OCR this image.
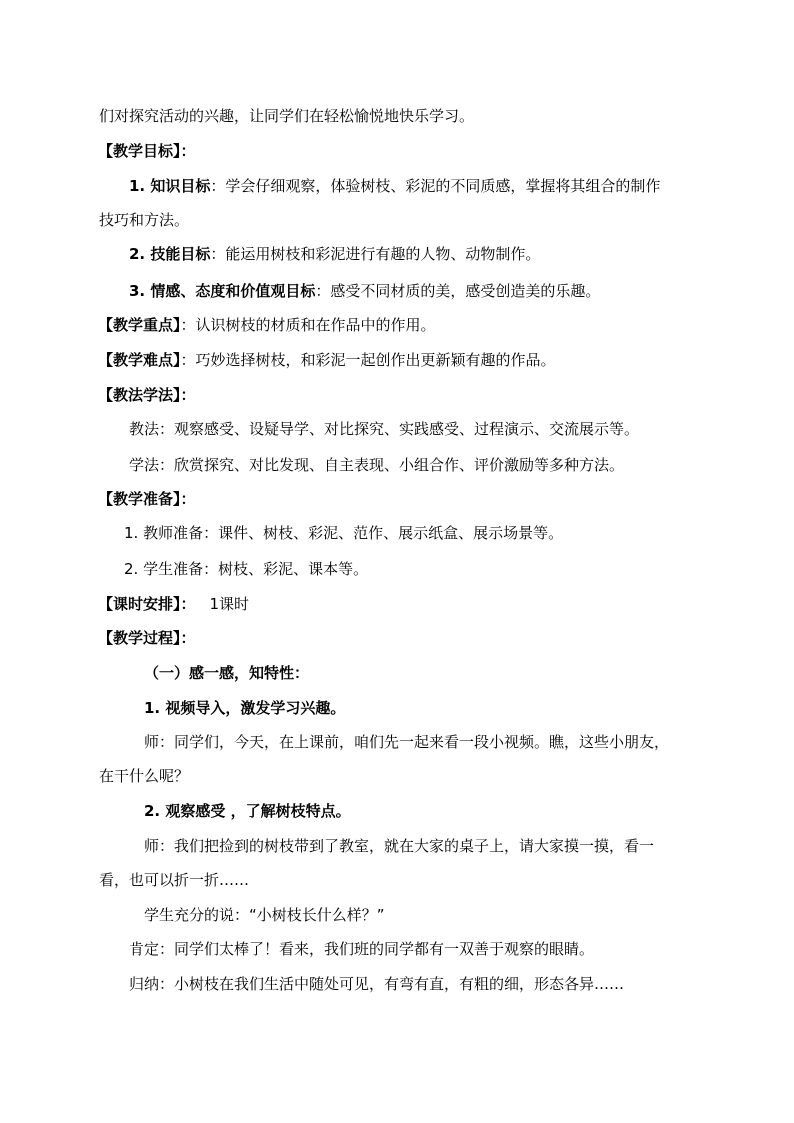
们对探究活动的兴趣，让同学们在轻松愉悦地快乐学习。
【教学目标】：
1. 知识目标：学会仔细观察，体验树枝、彩泥的不同质感，掌握将其组合的制作
技巧和方法。
2. 技能目标：能运用树枝和彩泥进行有趣的人物、动物制作。
3. 情感、态度和价值观目标：感受不同材质的美，感受创造美的乐趣。
【教学重点】：认识树枝的材质和在作品中的作用。
【教学难点】：巧妙选择树枝，和彩泥一起创作出更新颖有趣的作品。
【教法学法】：
教法：观察感受、设疑导学、对比探究、实践感受、过程演示、交流展示等。
学法：欣赏探究、对比发现、自主表现、小组合作、评价激励等多种方法。
【教学准备】：
1. 教师准备：课件、树枝、彩泥、范作、展示纸盒、展示场景等。
2. 学生准备：树枝、彩泥、课本等。
【课时安排】： 1课时
【教学过程】：
（一）感一感，知特性：
1. 视频导入，激发学习兴趣。
师：同学们，今天，在上课前，咱们先一起来看一段小视频。瞧，这些小朋友，
在干什么呢？
2. 观察感受 ，了解树枝特点。
师：我们把捡到的树枝带到了教室，就在大家的桌子上，请大家摸一摸，看一
看，也可以折一折……
学生充分的说：“小树枝长什么样？”
肯定：同学们太棒了！看来，我们班的同学都有一双善于观察的眼睛。
归纳：小树枝在我们生活中随处可见，有弯有直，有粗的细，形态各异……
